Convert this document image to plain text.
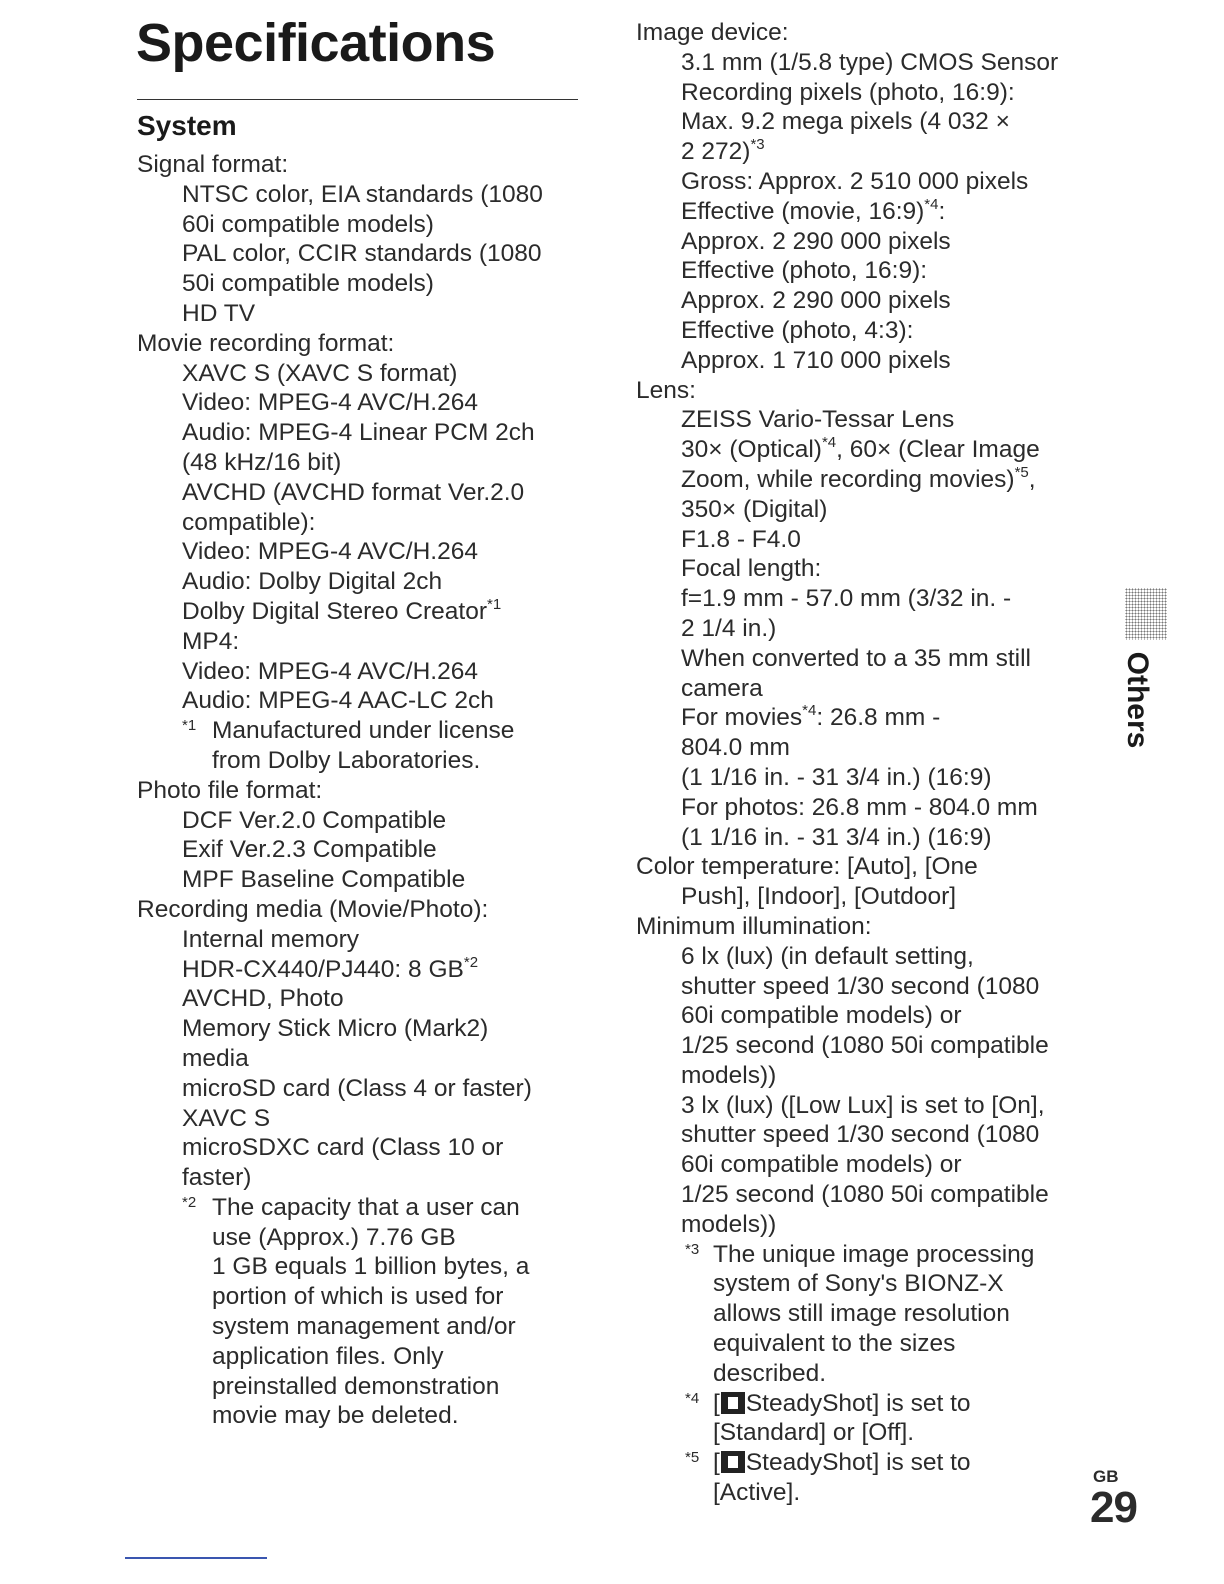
Specifications
System
Signal format:
NTSC color, EIA standards (1080
60i compatible models)
PAL color, CCIR standards (1080
50i compatible models)
HD TV
Movie recording format:
XAVC S (XAVC S format)
Video: MPEG-4 AVC/H.264
Audio: MPEG-4 Linear PCM 2ch
(48 kHz/16 bit)
AVCHD (AVCHD format Ver.2.0
compatible):
Video: MPEG-4 AVC/H.264
Audio: Dolby Digital 2ch
Dolby Digital Stereo Creator$^{*1}$
MP4:
Video: MPEG-4 AVC/H.264
Audio: MPEG-4 AAC-LC 2ch
*1 Manufactured under license
from Dolby Laboratories.
Photo file format:
DCF Ver.2.0 Compatible
Exif Ver.2.3 Compatible
MPF Baseline Compatible
Recording media (Movie/Photo):
Internal memory
HDR-CX440/PJ440: 8 GB$^{*2}$
AVCHD, Photo
Memory Stick Micro (Mark2)
media
microSD card (Class 4 or faster)
XAVC S
microSDXC card (Class 10 or
faster)
*2 The capacity that a user can
use (Approx.) 7.76 GB
1 GB equals 1 billion bytes, a
portion of which is used for
system management and/or
application files. Only
preinstalled demonstration
movie may be deleted.
Image device:
3.1 mm (1/5.8 type) CMOS Sensor
Recording pixels (photo, 16:9):
Max. 9.2 mega pixels (4 032 ×
2 272)$^{*3}$
Gross: Approx. 2 510 000 pixels
Effective (movie, 16:9)$^{*4}$:
Approx. 2 290 000 pixels
Effective (photo, 16:9):
Approx. 2 290 000 pixels
Effective (photo, 4:3):
Approx. 1 710 000 pixels
Lens:
ZEISS Vario-Tessar Lens
30× (Optical)$^{*4}$, 60× (Clear Image
Zoom, while recording movies)$^{*5}$,
350× (Digital)
F1.8 - F4.0
Focal length:
f=1.9 mm - 57.0 mm (3/32 in. -
2 1/4 in.)
When converted to a 35 mm still
camera
For movies$^{*4}$: 26.8 mm -
804.0 mm
(1 1/16 in. - 31 3/4 in.) (16:9)
For photos: 26.8 mm - 804.0 mm
(1 1/16 in. - 31 3/4 in.) (16:9)
Color temperature: [Auto], [One
Push], [Indoor], [Outdoor]
Minimum illumination:
6 lx (lux) (in default setting,
shutter speed 1/30 second (1080
60i compatible models) or
1/25 second (1080 50i compatible
models))
3 lx (lux) ([Low Lux] is set to [On],
shutter speed 1/30 second (1080
60i compatible models) or
1/25 second (1080 50i compatible
models))
*3 The unique image processing
system of Sony's BIONZ-X
allows still image resolution
equivalent to the sizes
described.
*4 [ SteadyShot] is set to
[Standard] or [Off].
*5 [ SteadyShot] is set to
[Active].
Others
GB
29
